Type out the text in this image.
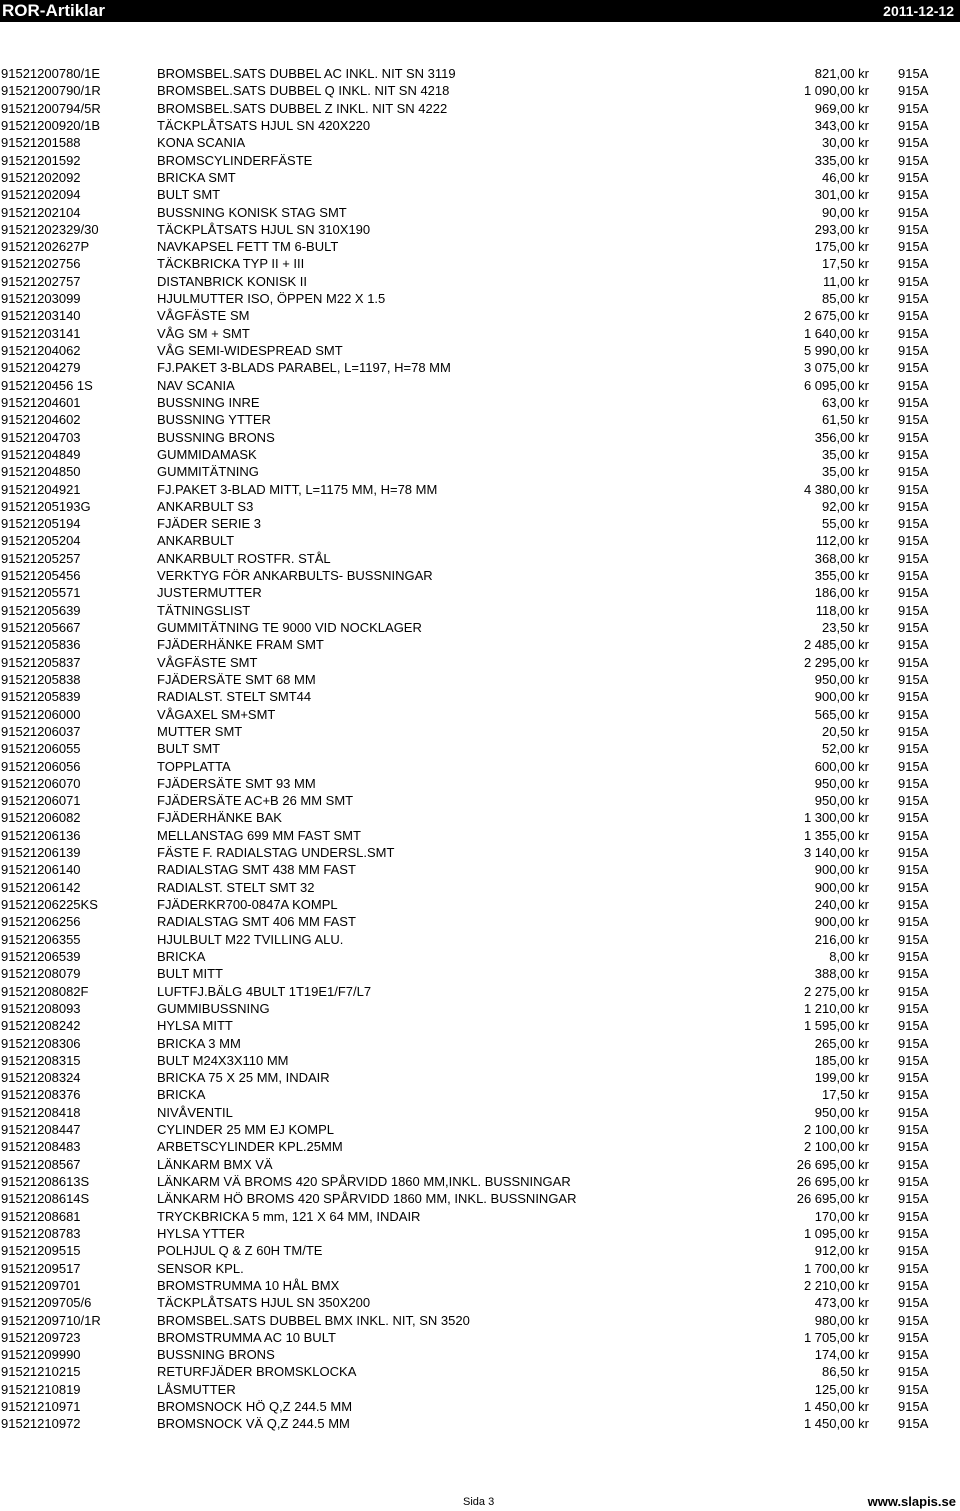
ROR-Artiklar	2011-12-12
91521200780/1E	BROMSBEL.SATS DUBBEL AC INKL. NIT SN 3119	821,00 kr 915A
91521200790/1R	BROMSBEL.SATS DUBBEL Q INKL. NIT SN 4218	1 090,00 kr 915A
91521200794/5R	BROMSBEL.SATS DUBBEL Z INKL. NIT SN 4222	969,00 kr 915A
91521200920/1B	TÄCKPLÅTSATS HJUL SN 420X220	343,00 kr 915A
91521201588	KONA SCANIA	30,00 kr 915A
91521201592	BROMSCYLINDERFÄSTE	335,00 kr 915A
91521202092	BRICKA SMT	46,00 kr 915A
91521202094	BULT SMT	301,00 kr 915A
91521202104	BUSSNING KONISK STAG SMT	90,00 kr 915A
91521202329/30	TÄCKPLÅTSATS HJUL SN 310X190	293,00 kr 915A
91521202627P	NAVKAPSEL FETT TM 6-BULT	175,00 kr 915A
91521202756	TÄCKBRICKA TYP II + III	17,50 kr 915A
91521202757	DISTANBRICK KONISK II	11,00 kr 915A
91521203099	HJULMUTTER ISO, ÖPPEN M22 X 1.5	85,00 kr 915A
91521203140	VÅGFÄSTE SM	2 675,00 kr 915A
91521203141	VÅG SM + SMT	1 640,00 kr 915A
91521204062	VÅG SEMI-WIDESPREAD SMT	5 990,00 kr 915A
91521204279	FJ.PAKET 3-BLADS PARABEL, L=1197, H=78 MM	3 075,00 kr 915A
9152120456 1S	NAV SCANIA	6 095,00 kr 915A
91521204601	BUSSNING INRE	63,00 kr 915A
91521204602	BUSSNING YTTER	61,50 kr 915A
91521204703	BUSSNING BRONS	356,00 kr 915A
91521204849	GUMMIDAMASK	35,00 kr 915A
91521204850	GUMMITÄTNING	35,00 kr 915A
91521204921	FJ.PAKET 3-BLAD MITT, L=1175 MM, H=78 MM	4 380,00 kr 915A
91521205193G	ANKARBULT S3	92,00 kr 915A
91521205194	FJÄDER SERIE 3	55,00 kr 915A
91521205204	ANKARBULT	112,00 kr 915A
91521205257	ANKARBULT ROSTFR. STÅL	368,00 kr 915A
91521205456	VERKTYG FÖR ANKARBULTS- BUSSNINGAR	355,00 kr 915A
91521205571	JUSTERMUTTER	186,00 kr 915A
91521205639	TÄTNINGSLIST	118,00 kr 915A
91521205667	GUMMITÄTNING TE 9000 VID NOCKLAGER	23,50 kr 915A
91521205836	FJÄDERHÄNKE FRAM SMT	2 485,00 kr 915A
91521205837	VÅGFÄSTE SMT	2 295,00 kr 915A
91521205838	FJÄDERSÄTE SMT 68 MM	950,00 kr 915A
91521205839	RADIALST. STELT SMT44	900,00 kr 915A
91521206000	VÅGAXEL SM+SMT	565,00 kr 915A
91521206037	MUTTER SMT	20,50 kr 915A
91521206055	BULT SMT	52,00 kr 915A
91521206056	TOPPLATTA	600,00 kr 915A
91521206070	FJÄDERSÄTE SMT 93 MM	950,00 kr 915A
91521206071	FJÄDERSÄTE AC+B 26 MM SMT	950,00 kr 915A
91521206082	FJÄDERHÄNKE BAK	1 300,00 kr 915A
91521206136	MELLANSTAG 699 MM FAST SMT	1 355,00 kr 915A
91521206139	FÄSTE F. RADIALSTAG UNDERSL.SMT	3 140,00 kr 915A
91521206140	RADIALSTAG SMT 438 MM FAST	900,00 kr 915A
91521206142	RADIALST. STELT SMT 32	900,00 kr 915A
91521206225KS	FJÄDERKR700-0847A KOMPL	240,00 kr 915A
91521206256	RADIALSTAG SMT 406 MM FAST	900,00 kr 915A
91521206355	HJULBULT M22 TVILLING ALU.	216,00 kr 915A
91521206539	BRICKA	8,00 kr 915A
91521208079	BULT MITT	388,00 kr 915A
91521208082F	LUFTFJ.BÄLG 4BULT 1T19E1/F7/L7	2 275,00 kr 915A
91521208093	GUMMIBUSSNING	1 210,00 kr 915A
91521208242	HYLSA MITT	1 595,00 kr 915A
91521208306	BRICKA 3 MM	265,00 kr 915A
91521208315	BULT M24X3X110 MM	185,00 kr 915A
91521208324	BRICKA 75 X 25 MM, INDAIR	199,00 kr 915A
91521208376	BRICKA	17,50 kr 915A
91521208418	NIVÅVENTIL	950,00 kr 915A
91521208447	CYLINDER 25 MM EJ KOMPL	2 100,00 kr 915A
91521208483	ARBETSCYLINDER KPL.25MM	2 100,00 kr 915A
91521208567	LÄNKARM BMX VÄ	26 695,00 kr 915A
91521208613S	LÄNKARM VÄ BROMS 420 SPÅRVIDD 1860 MM,INKL. BUSSNINGAR	26 695,00 kr 915A
91521208614S	LÄNKARM HÖ BROMS 420 SPÅRVIDD 1860 MM, INKL. BUSSNINGAR	26 695,00 kr 915A
91521208681	TRYCKBRICKA 5 mm, 121 X 64 MM, INDAIR	170,00 kr 915A
91521208783	HYLSA YTTER	1 095,00 kr 915A
91521209515	POLHJUL Q & Z 60H TM/TE	912,00 kr 915A
91521209517	SENSOR KPL.	1 700,00 kr 915A
91521209701	BROMSTRUMMA 10 HÅL BMX	2 210,00 kr 915A
91521209705/6	TÄCKPLÅTSATS HJUL SN 350X200	473,00 kr 915A
91521209710/1R	BROMSBEL.SATS DUBBEL BMX INKL. NIT, SN 3520	980,00 kr 915A
91521209723	BROMSTRUMMA AC 10 BULT	1 705,00 kr 915A
91521209990	BUSSNING BRONS	174,00 kr 915A
91521210215	RETURFJÄDER BROMSKLOCKA	86,50 kr 915A
91521210819	LÅSMUTTER	125,00 kr 915A
91521210971	BROMSNOCK HÖ Q,Z 244.5 MM	1 450,00 kr 915A
91521210972	BROMSNOCK VÄ Q,Z 244.5 MM	1 450,00 kr 915A
Sida 3	www.slapis.se
